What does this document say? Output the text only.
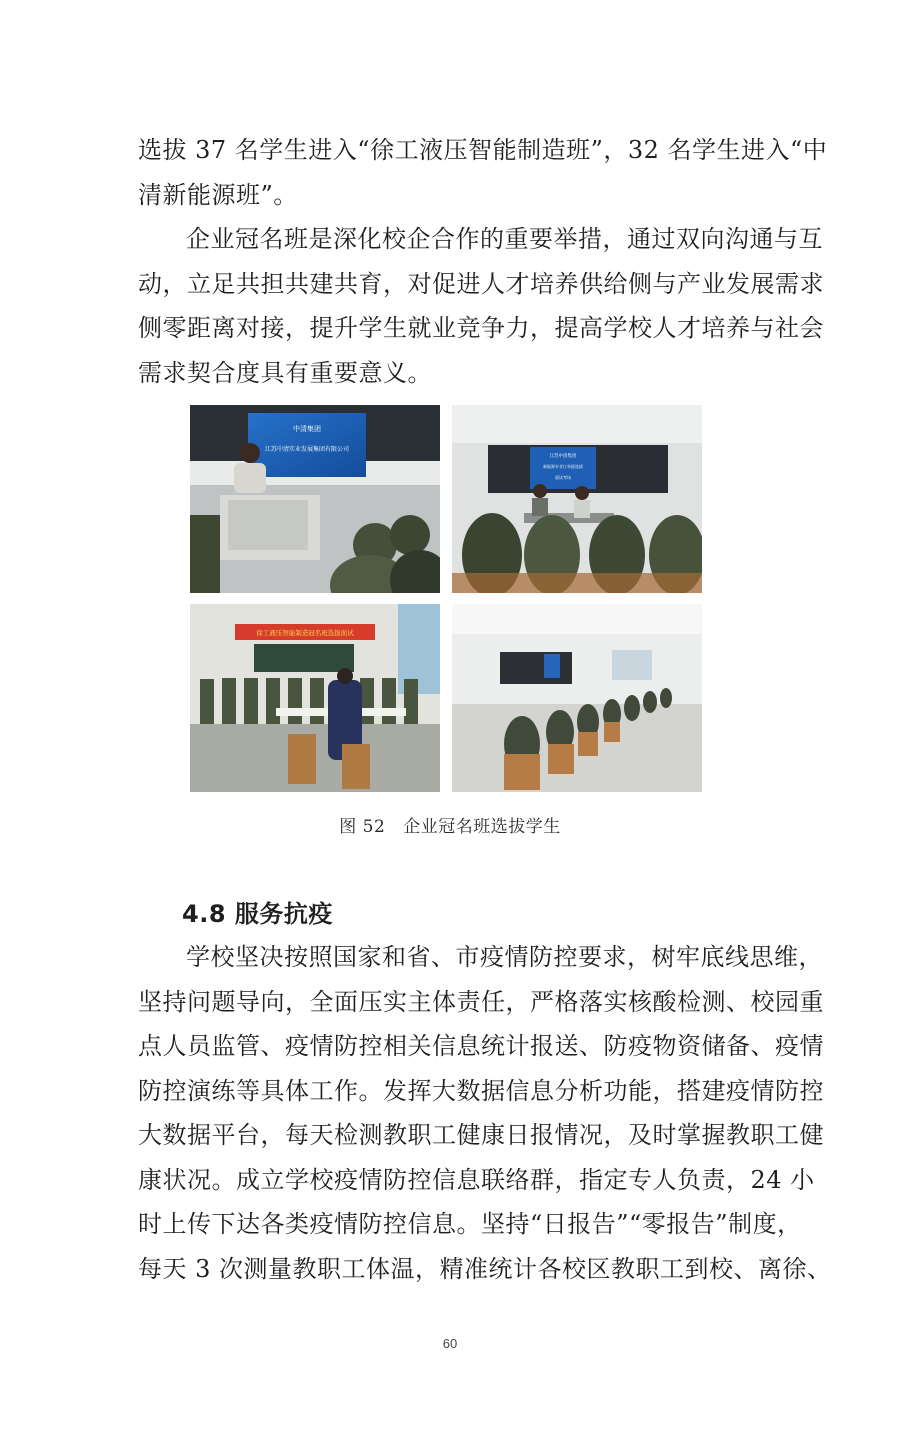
选拔 37 名学生进入“徐工液压智能制造班”，32 名学生进入“中
清新能源班”。
企业冠名班是深化校企合作的重要举措，通过双向沟通与互
动，立足共担共建共育，对促进人才培养供给侧与产业发展需求
侧零距离对接，提升学生就业竞争力，提高学校人才培养与社会
需求契合度具有重要意义。
中清集团
江苏中清实业发展集团有限公司
江苏中清集团
新能源专业订单班选拔
面试考场
徐工液压智能制造冠名班选拔面试
图 52 企业冠名班选拔学生
4.8 服务抗疫
学校坚决按照国家和省、市疫情防控要求，树牢底线思维，
坚持问题导向，全面压实主体责任，严格落实核酸检测、校园重
点人员监管、疫情防控相关信息统计报送、防疫物资储备、疫情
防控演练等具体工作。发挥大数据信息分析功能，搭建疫情防控
大数据平台，每天检测教职工健康日报情况，及时掌握教职工健
康状况。成立学校疫情防控信息联络群，指定专人负责，24 小
时上传下达各类疫情防控信息。坚持“日报告”“零报告”制度，
每天 3 次测量教职工体温，精准统计各校区教职工到校、离徐、
60
